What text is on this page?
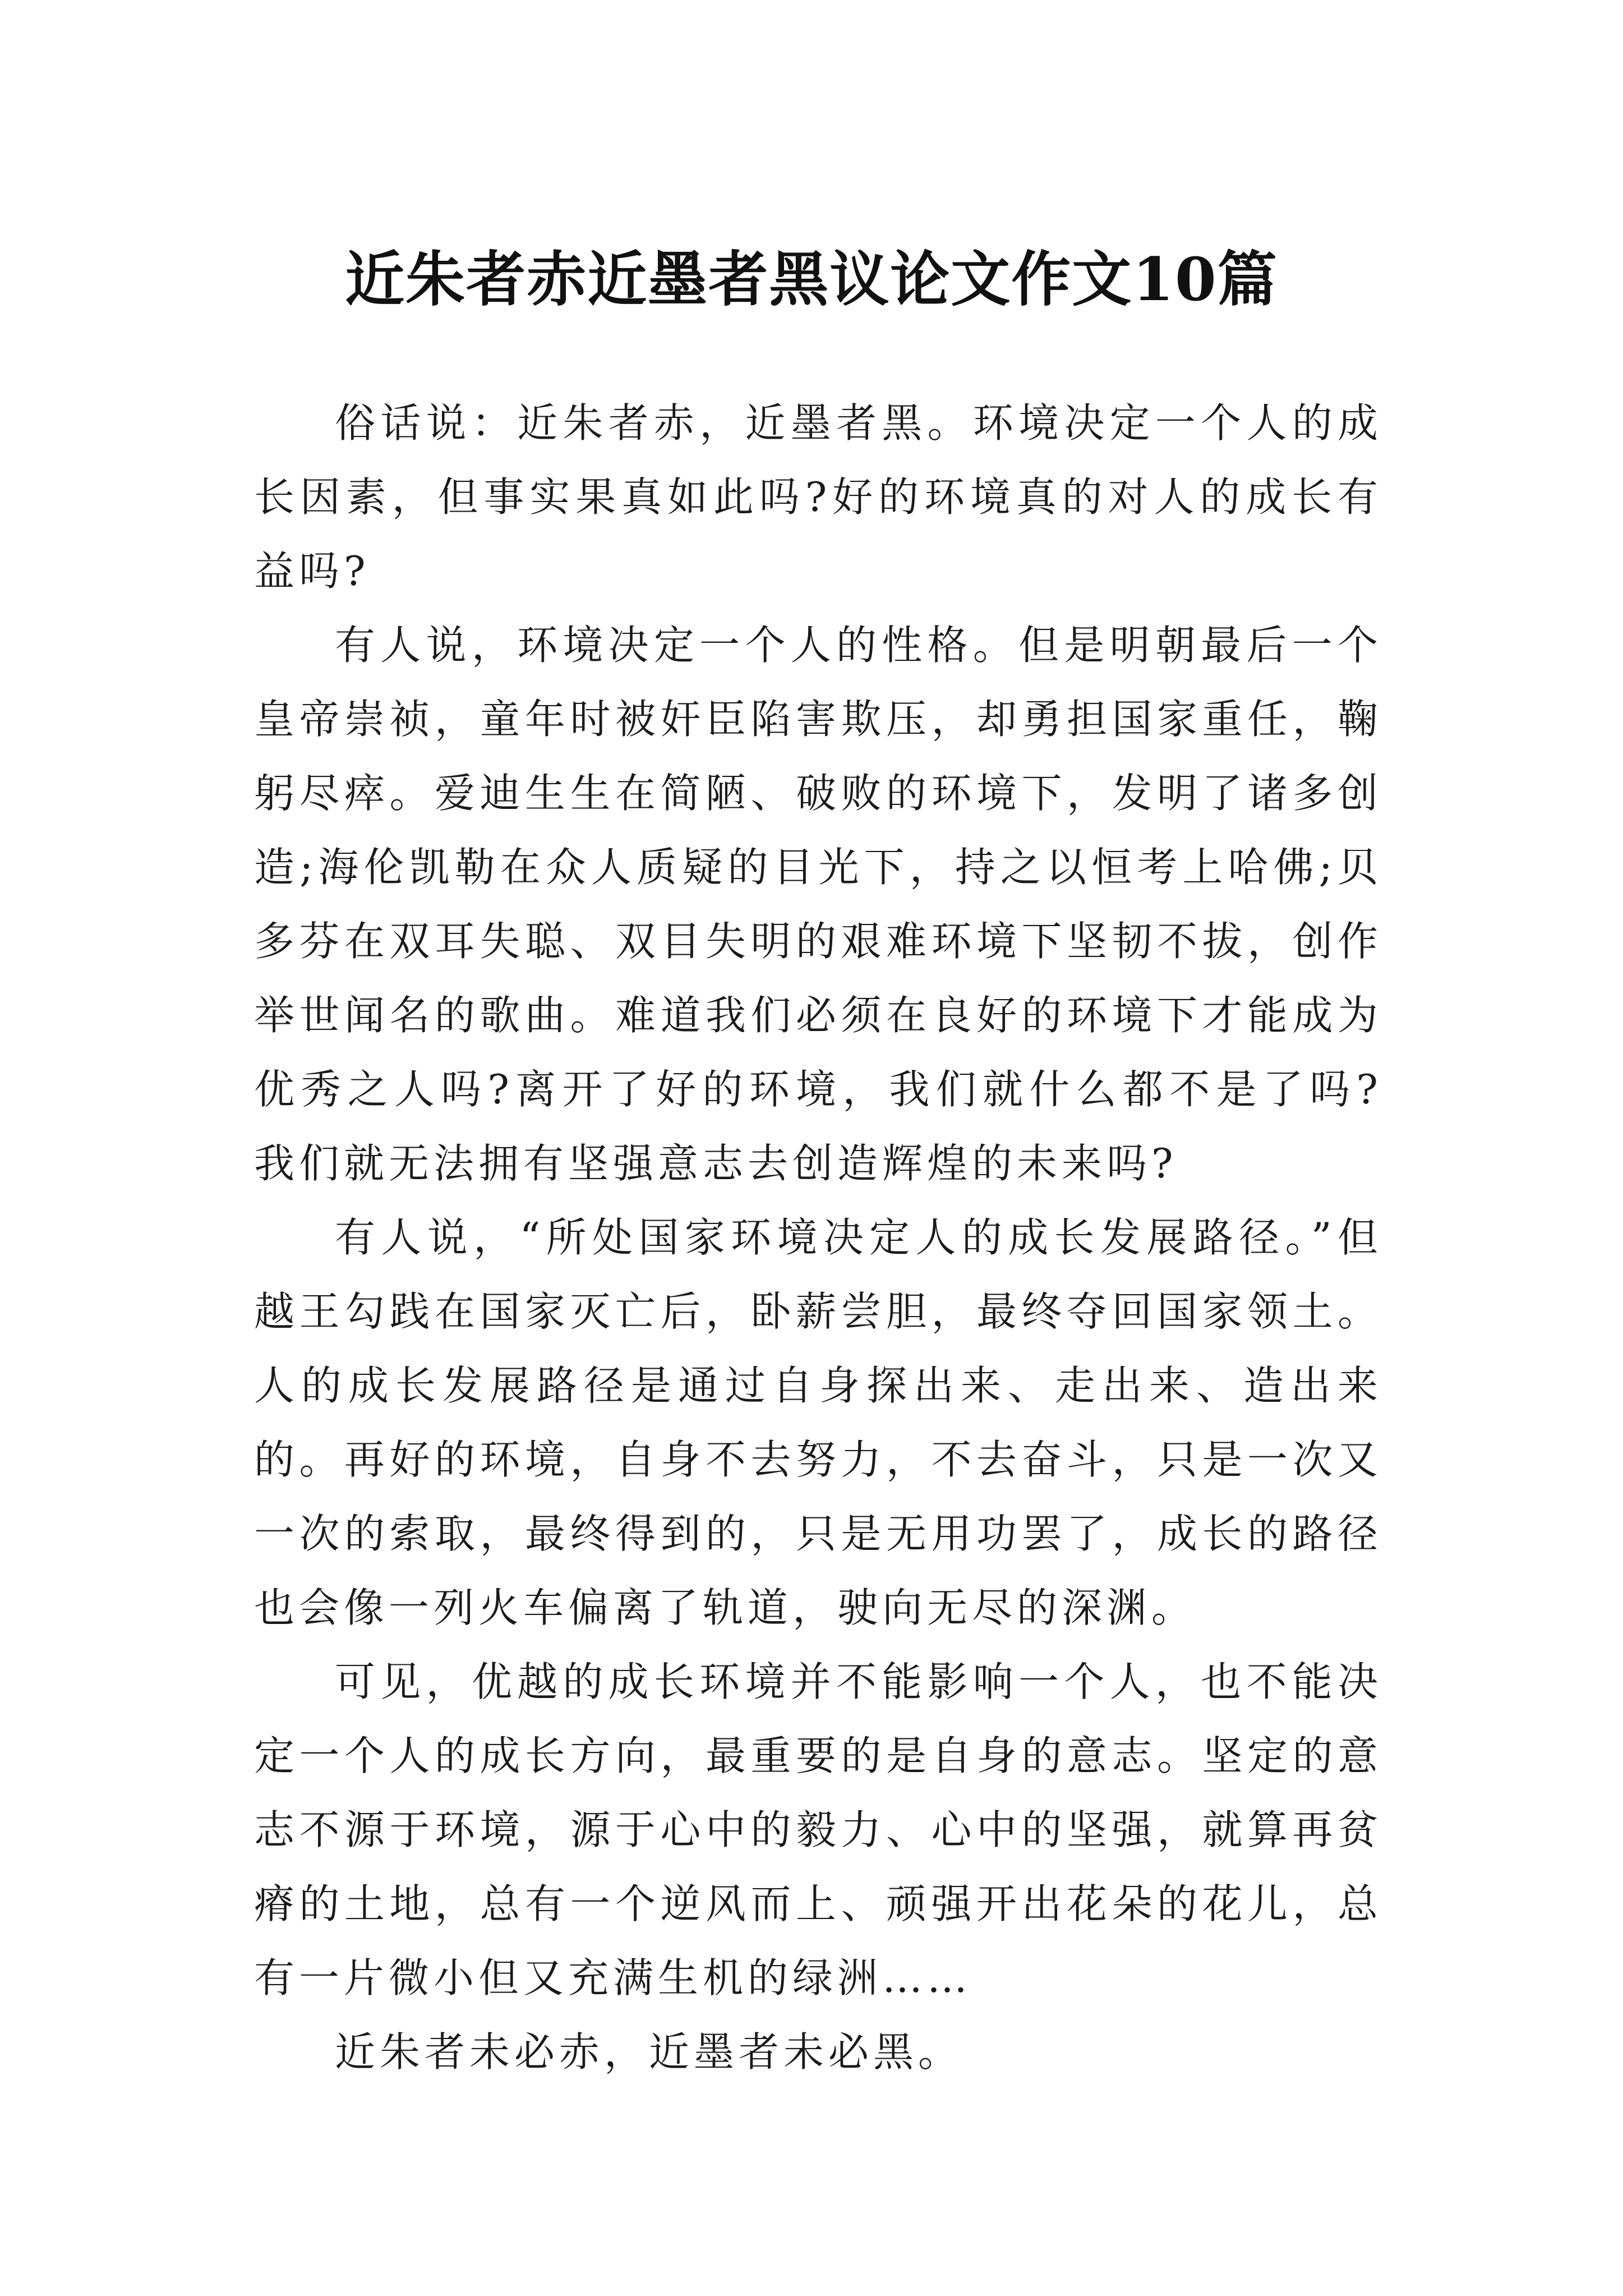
近朱者赤近墨者黑议论文作文10篇

俗话说：近朱者赤，近墨者黑。环境决定一个人的成长因素，但事实果真如此吗?好的环境真的对人的成长有益吗?

有人说，环境决定一个人的性格。但是明朝最后一个皇帝崇祯，童年时被奸臣陷害欺压，却勇担国家重任，鞠躬尽瘁。爱迪生生在简陋、破败的环境下，发明了诸多创造;海伦凯勒在众人质疑的目光下，持之以恒考上哈佛;贝多芬在双耳失聪、双目失明的艰难环境下坚韧不拔，创作举世闻名的歌曲。难道我们必须在良好的环境下才能成为优秀之人吗?离开了好的环境，我们就什么都不是了吗?我们就无法拥有坚强意志去创造辉煌的未来吗?

有人说，“所处国家环境决定人的成长发展路径。”但越王勾践在国家灭亡后，卧薪尝胆，最终夺回国家领土。人的成长发展路径是通过自身探出来、走出来、造出来的。再好的环境，自身不去努力，不去奋斗，只是一次又一次的索取，最终得到的，只是无用功罢了，成长的路径也会像一列火车偏离了轨道，驶向无尽的深渊。

可见，优越的成长环境并不能影响一个人，也不能决定一个人的成长方向，最重要的是自身的意志。坚定的意志不源于环境，源于心中的毅力、心中的坚强，就算再贫瘠的土地，总有一个逆风而上、顽强开出花朵的花儿，总有一片微小但又充满生机的绿洲……

近朱者未必赤，近墨者未必黑。
